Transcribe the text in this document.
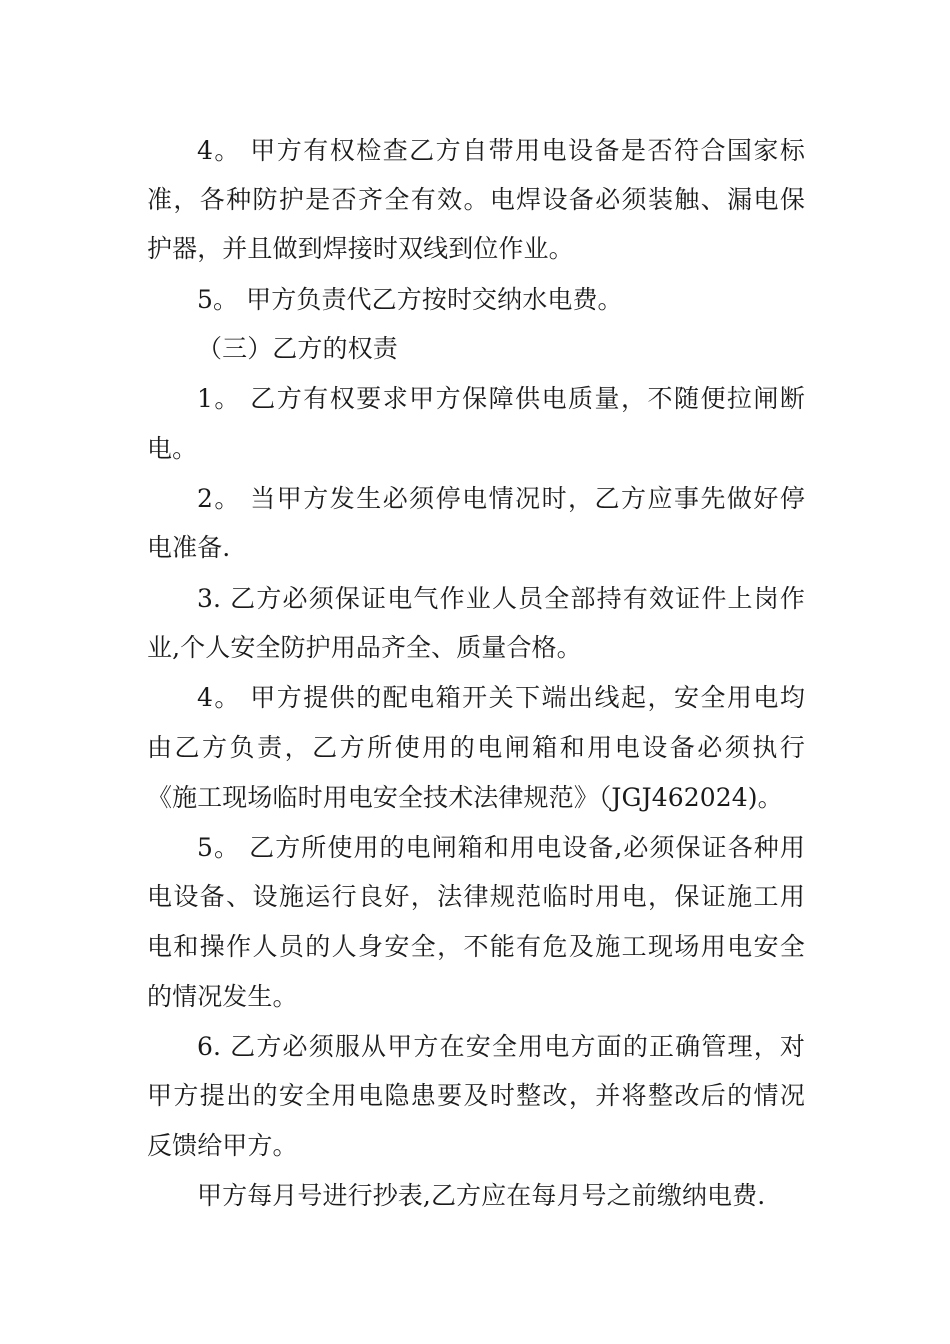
4。 甲方有权检查乙方自带用电设备是否符合国家标
准，各种防护是否齐全有效。电焊设备必须装触、漏电保
护器，并且做到焊接时双线到位作业。
5。 甲方负责代乙方按时交纳水电费。
（三）乙方的权责
1。 乙方有权要求甲方保障供电质量，不随便拉闸断
电。
2。 当甲方发生必须停电情况时，乙方应事先做好停
电准备.
3. 乙方必须保证电气作业人员全部持有效证件上岗作
业,个人安全防护用品齐全、质量合格。
4。 甲方提供的配电箱开关下端出线起，安全用电均
由乙方负责，乙方所使用的电闸箱和用电设备必须执行
《施工现场临时用电安全技术法律规范》（JGJ462024)。
5。 乙方所使用的电闸箱和用电设备,必须保证各种用
电设备、设施运行良好，法律规范临时用电，保证施工用
电和操作人员的人身安全，不能有危及施工现场用电安全
的情况发生。
6. 乙方必须服从甲方在安全用电方面的正确管理，对
甲方提出的安全用电隐患要及时整改，并将整改后的情况
反馈给甲方。
甲方每月号进行抄表,乙方应在每月号之前缴纳电费.
